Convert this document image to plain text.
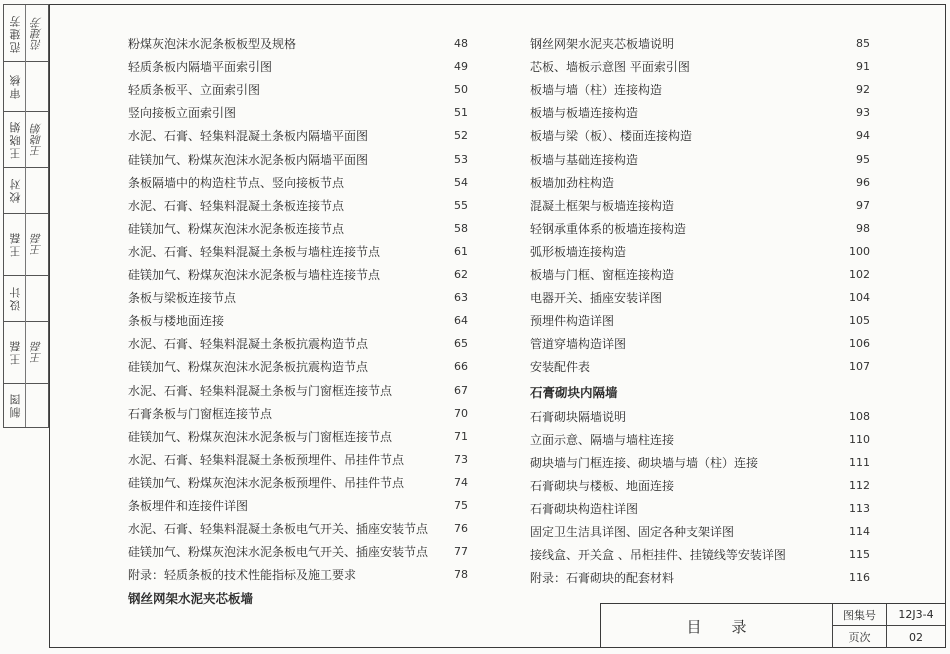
范建芳 范建芳
审核
王晓娟 王晓娟
校对
王磊 王磊
设计
王磊 王磊
制图
粉煤灰泡沫水泥条板板型及规格	48
轻质条板内隔墙平面索引图	49
轻质条板平、立面索引图	50
竖向接板立面索引图	51
水泥、石膏、轻集料混凝土条板内隔墙平面图	52
硅镁加气、粉煤灰泡沫水泥条板内隔墙平面图	53
条板隔墙中的构造柱节点、竖向接板节点	54
水泥、石膏、轻集料混凝土条板连接节点	55
硅镁加气、粉煤灰泡沫水泥条板连接节点	58
水泥、石膏、轻集料混凝土条板与墙柱连接节点	61
硅镁加气、粉煤灰泡沫水泥条板与墙柱连接节点	62
条板与梁板连接节点	63
条板与楼地面连接	64
水泥、石膏、轻集料混凝土条板抗震构造节点	65
硅镁加气、粉煤灰泡沫水泥条板抗震构造节点	66
水泥、石膏、轻集料混凝土条板与门窗框连接节点	67
石膏条板与门窗框连接节点	70
硅镁加气、粉煤灰泡沫水泥条板与门窗框连接节点	71
水泥、石膏、轻集料混凝土条板预埋件、吊挂件节点	73
硅镁加气、粉煤灰泡沫水泥条板预埋件、吊挂件节点	74
条板埋件和连接件详图	75
水泥、石膏、轻集料混凝土条板电气开关、插座安装节点	76
硅镁加气、粉煤灰泡沫水泥条板电气开关、插座安装节点	77
附录：轻质条板的技术性能指标及施工要求	78
钢丝网架水泥夹芯板墙
钢丝网架水泥夹芯板墙说明	85
芯板、墙板示意图 平面索引图	91
板墙与墙（柱）连接构造	92
板墙与板墙连接构造	93
板墙与梁（板）、楼面连接构造	94
板墙与基础连接构造	95
板墙加劲柱构造	96
混凝土框架与板墙连接构造	97
轻钢承重体系的板墙连接构造	98
弧形板墙连接构造	100
板墙与门框、窗框连接构造	102
电器开关、插座安装详图	104
预埋件构造详图	105
管道穿墙构造详图	106
安装配件表	107
石膏砌块内隔墙
石膏砌块隔墙说明	108
立面示意、隔墙与墙柱连接	110
砌块墙与门框连接、砌块墙与墙（柱）连接	111
石膏砌块与楼板、地面连接	112
石膏砌块构造柱详图	113
固定卫生洁具详图、固定各种支架详图	114
接线盒、开关盒 、吊柜挂件、挂镜线等安装详图	115
附录：石膏砌块的配套材料	116
目录
图集号	12J3-4
页次	02
